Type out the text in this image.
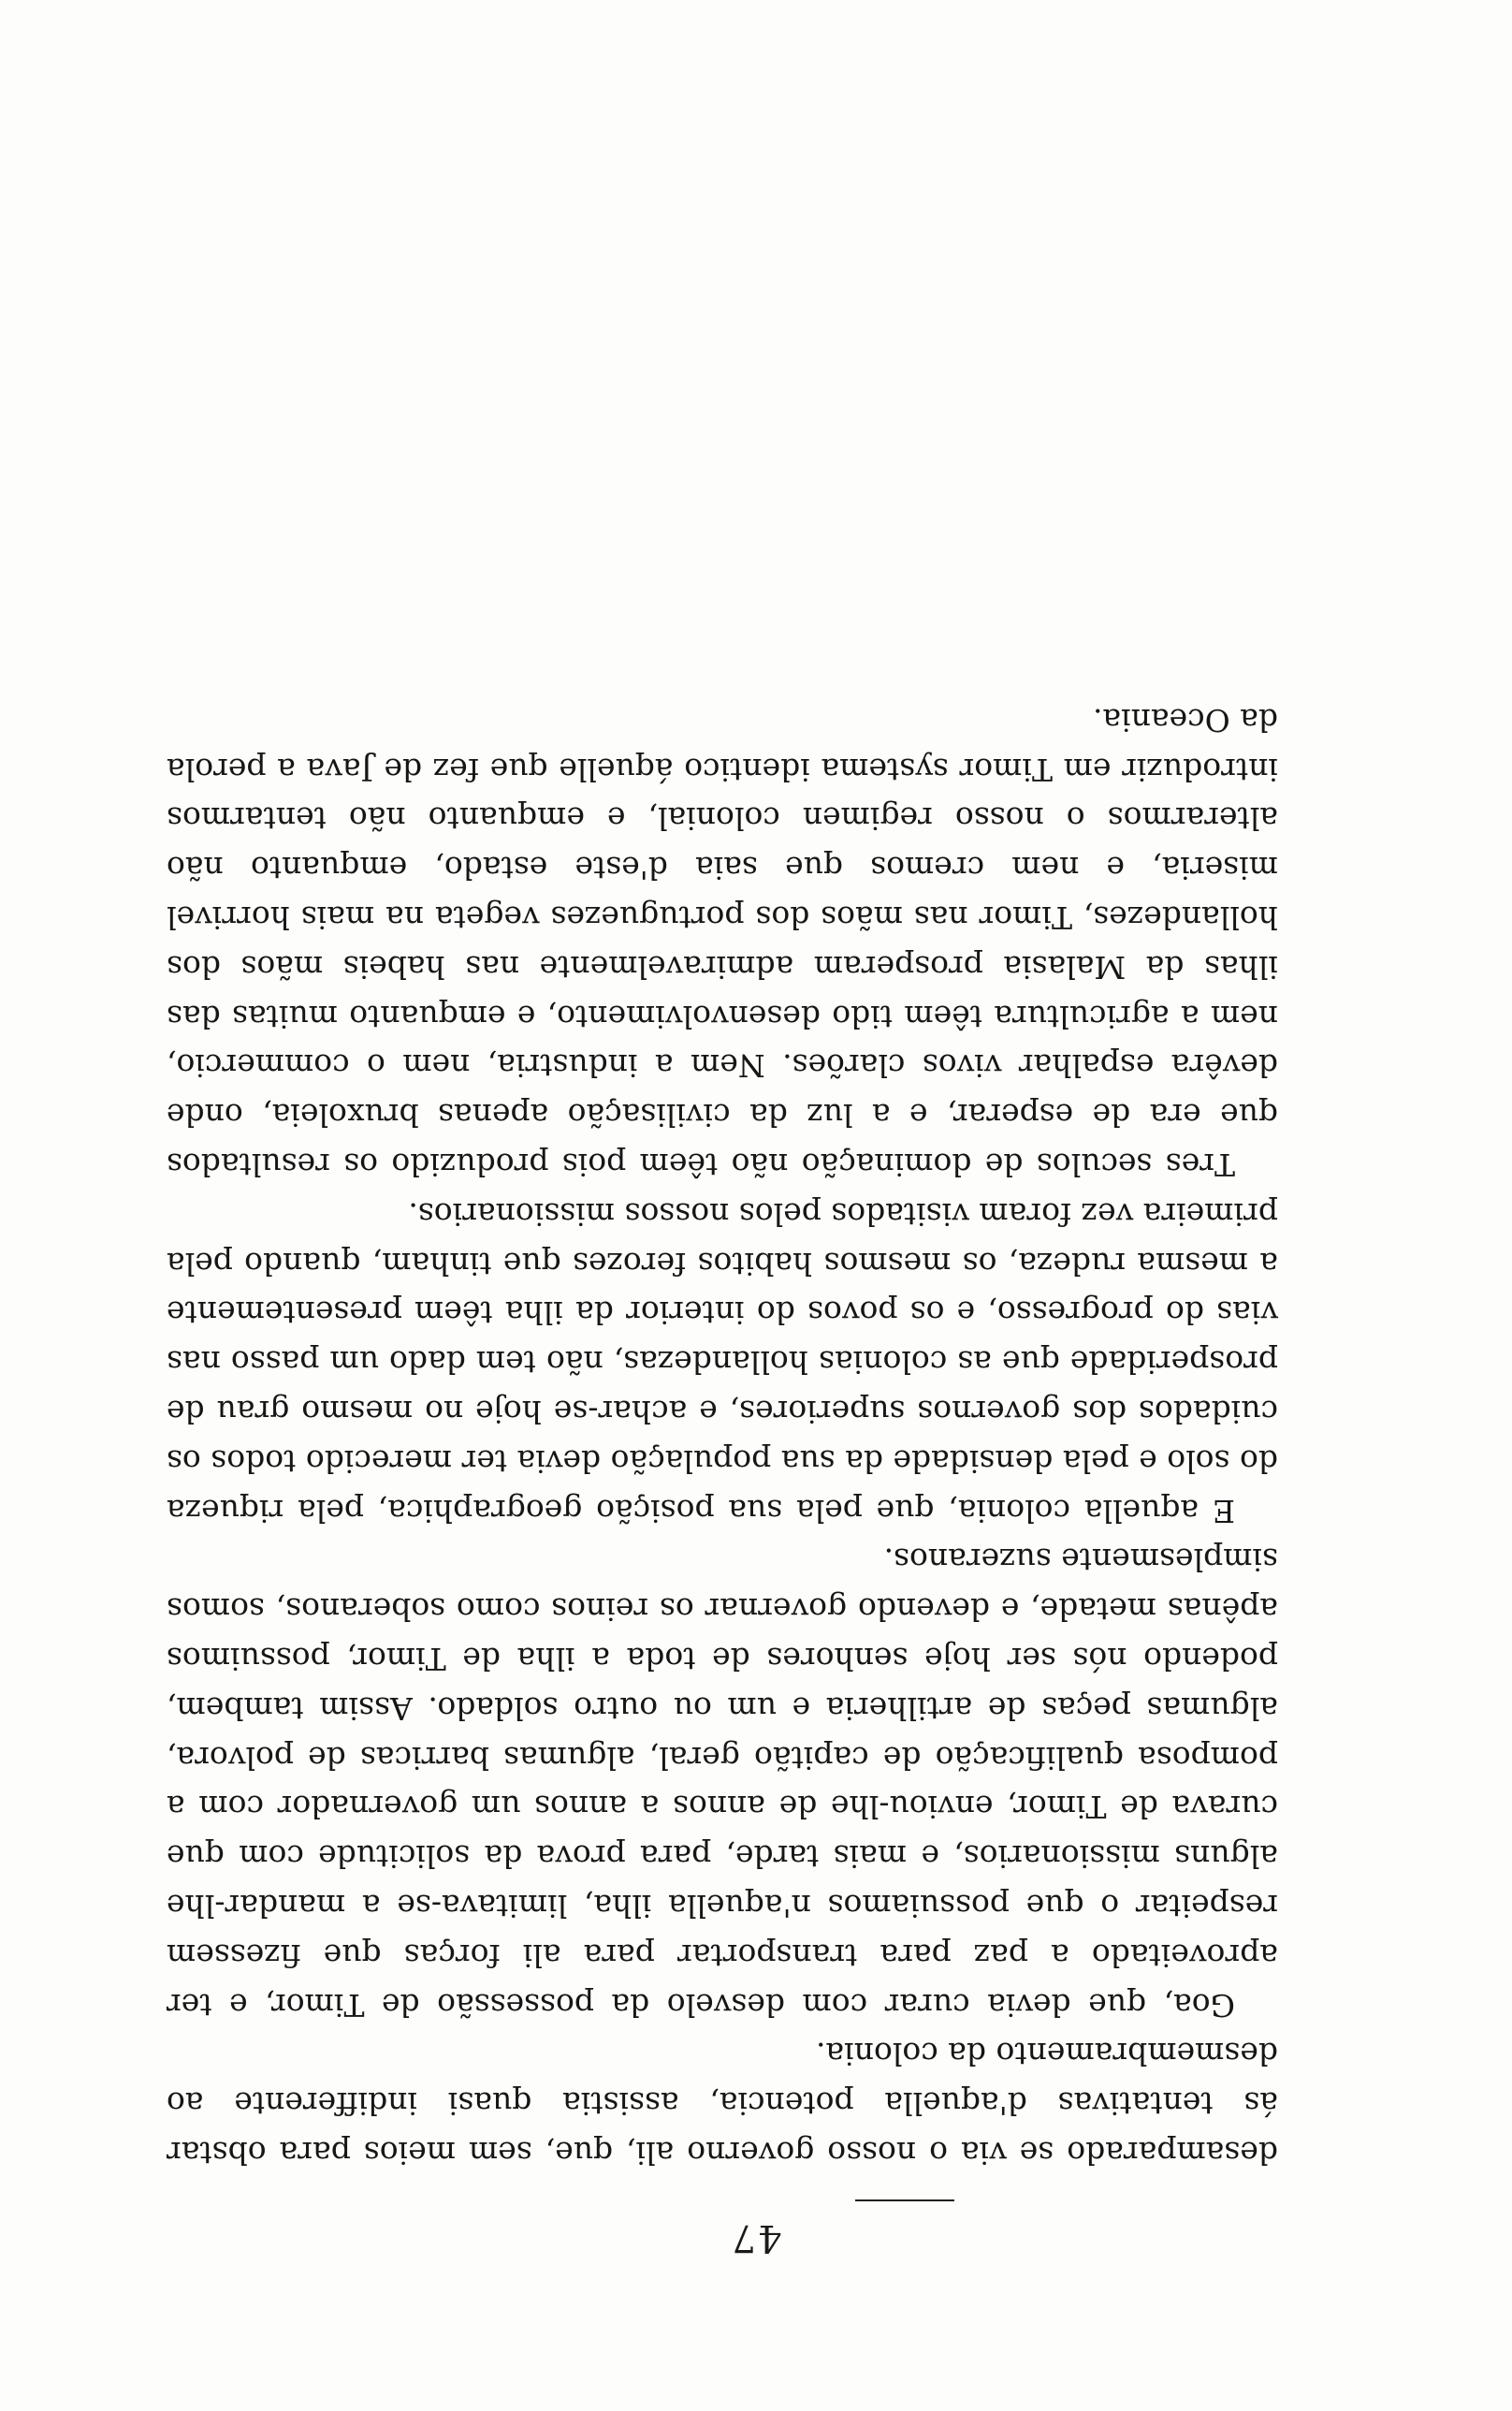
47

desamparado se via o nosso governo ali, que, sem meios para obstar ás tentativas d'aquella potencia, assistia quasi indifferente ao desmembramento da colonia.

Goa, que devia curar com desvelo da possessão de Timor, e ter aproveitado a paz para transportar para ali forças que fizessem respeitar o que possuiamos n'aquella ilha, limitava-se a mandar-lhe alguns missionarios, e mais tarde, para prova da solicitude com que curava de Timor, enviou-lhe de annos a annos um governador com a pomposa qualificação de capitão geral, algumas barricas de polvora, algumas peças de artilheria e um ou outro soldado. Assim tambem, podendo nós ser hoje senhores de toda a ilha de Timor, possuimos apênas metade, e devendo governar os reinos como soberanos, somos simplesmente suzeranos.

E aquella colonia, que pela sua posição geographica, pela riqueza do solo e pela densidade da sua população devia ter merecido todos os cuidados dos governos superiores, e achar-se hoje no mesmo grau de prosperidade que as colonias hollandezas, não tem dado um passo nas vias do progresso, e os povos do interior da ilha têem presentemente a mesma rudeza, os mesmos habitos ferozes que tinham, quando pela primeira vez foram visitados pelos nossos missionarios.

Tres seculos de dominação não têem pois produzido os resultados que era de esperar, e a luz da civilisação apenas bruxoleia, onde devêra espalhar vivos clarões. Nem a industria, nem o commercio, nem a agricultura têem tido desenvolvimento, e emquanto muitas das ilhas da Malasia prosperam admiravelmente nas habeis mãos dos hollandezes, Timor nas mãos dos portuguezes vegeta na mais horrivel miseria, e nem cremos que saia d'este estado, emquanto não alterarmos o nosso regimen colonial, e emquanto não tentarmos introduzir em Timor systema identico áquelle que fez de Java a perola da Oceania.
